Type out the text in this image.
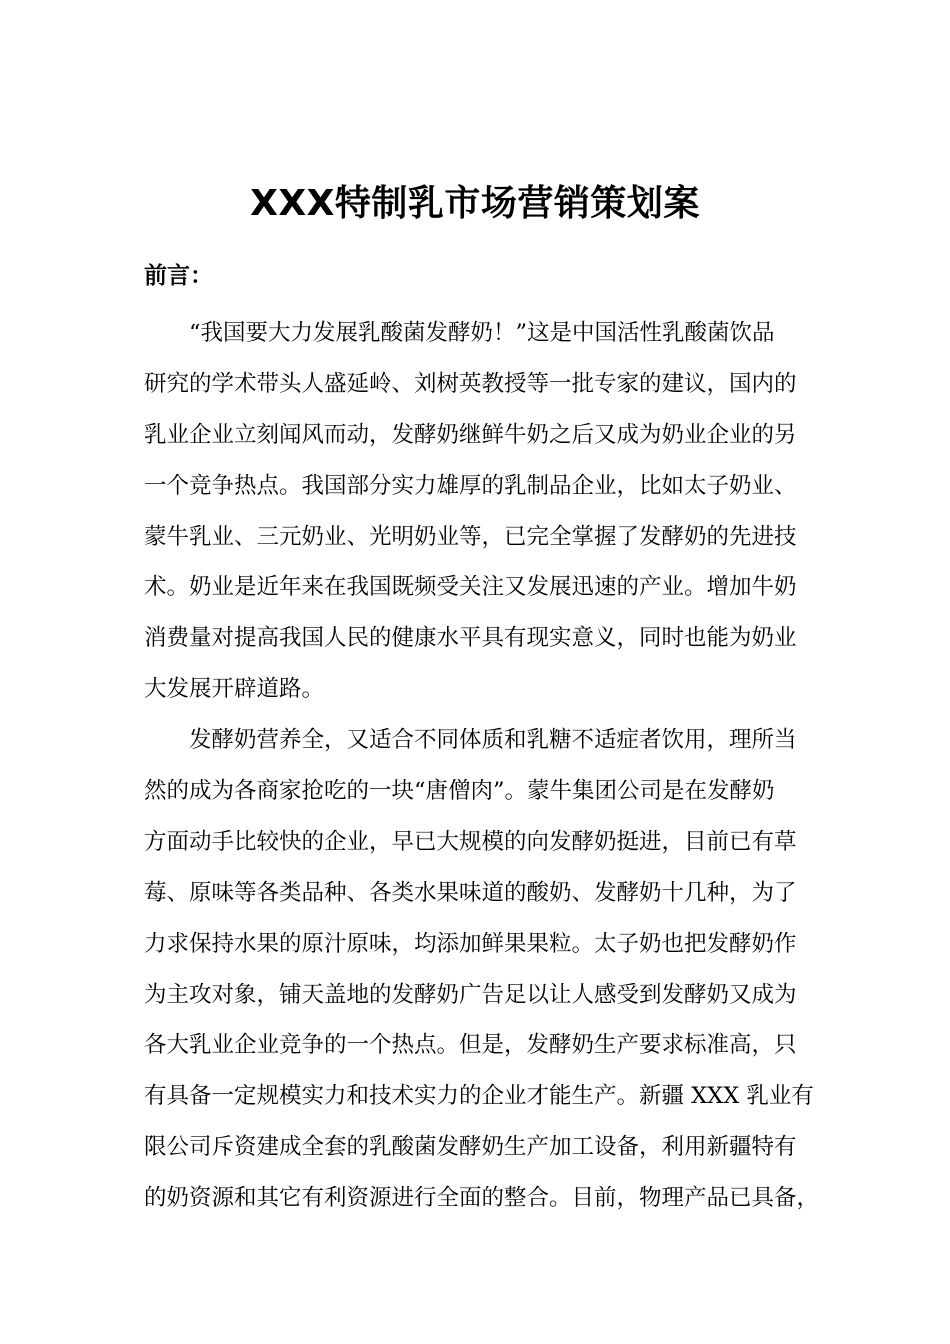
XXX特制乳市场营销策划案
前言：
“我国要大力发展乳酸菌发酵奶！”这是中国活性乳酸菌饮品
研究的学术带头人盛延岭、刘树英教授等一批专家的建议，国内的
乳业企业立刻闻风而动，发酵奶继鲜牛奶之后又成为奶业企业的另
一个竞争热点。我国部分实力雄厚的乳制品企业，比如太子奶业、
蒙牛乳业、三元奶业、光明奶业等，已完全掌握了发酵奶的先进技
术。奶业是近年来在我国既频受关注又发展迅速的产业。增加牛奶
消费量对提高我国人民的健康水平具有现实意义，同时也能为奶业
大发展开辟道路。
发酵奶营养全，又适合不同体质和乳糖不适症者饮用，理所当
然的成为各商家抢吃的一块“唐僧肉”。蒙牛集团公司是在发酵奶
方面动手比较快的企业，早已大规模的向发酵奶挺进，目前已有草
莓、原味等各类品种、各类水果味道的酸奶、发酵奶十几种，为了
力求保持水果的原汁原味，均添加鲜果果粒。太子奶也把发酵奶作
为主攻对象，铺天盖地的发酵奶广告足以让人感受到发酵奶又成为
各大乳业企业竞争的一个热点。但是，发酵奶生产要求标准高，只
有具备一定规模实力和技术实力的企业才能生产。新疆 XXX 乳业有
限公司斥资建成全套的乳酸菌发酵奶生产加工设备，利用新疆特有
的奶资源和其它有利资源进行全面的整合。目前，物理产品已具备，
